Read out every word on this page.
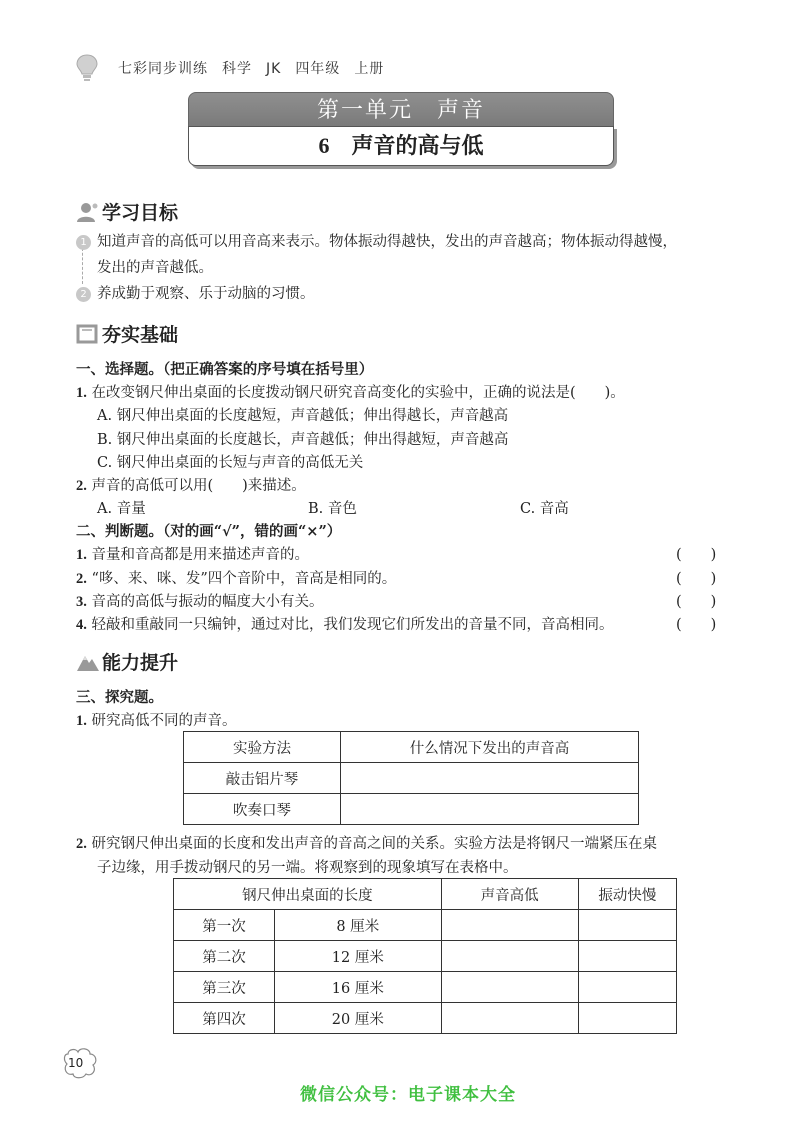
七彩同步训练 科学 JK 四年级 上册
第一单元　声音
6 声音的高与低
学习目标
1 知道声音的高低可以用音高来表示。物体振动得越快，发出的声音越高；物体振动得越慢，
发出的声音越低。
2 养成勤于观察、乐于动脑的习惯。
夯实基础
一、选择题。（把正确答案的序号填在括号里）
1. 在改变钢尺伸出桌面的长度拨动钢尺研究音高变化的实验中，正确的说法是(　　)。
A. 钢尺伸出桌面的长度越短，声音越低；伸出得越长，声音越高
B. 钢尺伸出桌面的长度越长，声音越低；伸出得越短，声音越高
C. 钢尺伸出桌面的长短与声音的高低无关
2. 声音的高低可以用(　　)来描述。
A. 音量	B. 音色	C. 音高
二、判断题。（对的画“√”，错的画“×”）
1. 音量和音高都是用来描述声音的。	(　　)
2. “哆、来、咪、发”四个音阶中，音高是相同的。	(　　)
3. 音高的高低与振动的幅度大小有关。	(　　)
4. 轻敲和重敲同一只编钟，通过对比，我们发现它们所发出的音量不同，音高相同。	(　　)
能力提升
三、探究题。
1. 研究高低不同的声音。
实验方法	什么情况下发出的声音高
敲击铝片琴	
吹奏口琴	
2. 研究钢尺伸出桌面的长度和发出声音的音高之间的关系。实验方法是将钢尺一端紧压在桌
子边缘，用手拨动钢尺的另一端。将观察到的现象填写在表格中。
钢尺伸出桌面的长度		声音高低	振动快慢
第一次	8 厘米		
第二次	12 厘米		
第三次	16 厘米		
第四次	20 厘米		
10
微信公众号：电子课本大全
